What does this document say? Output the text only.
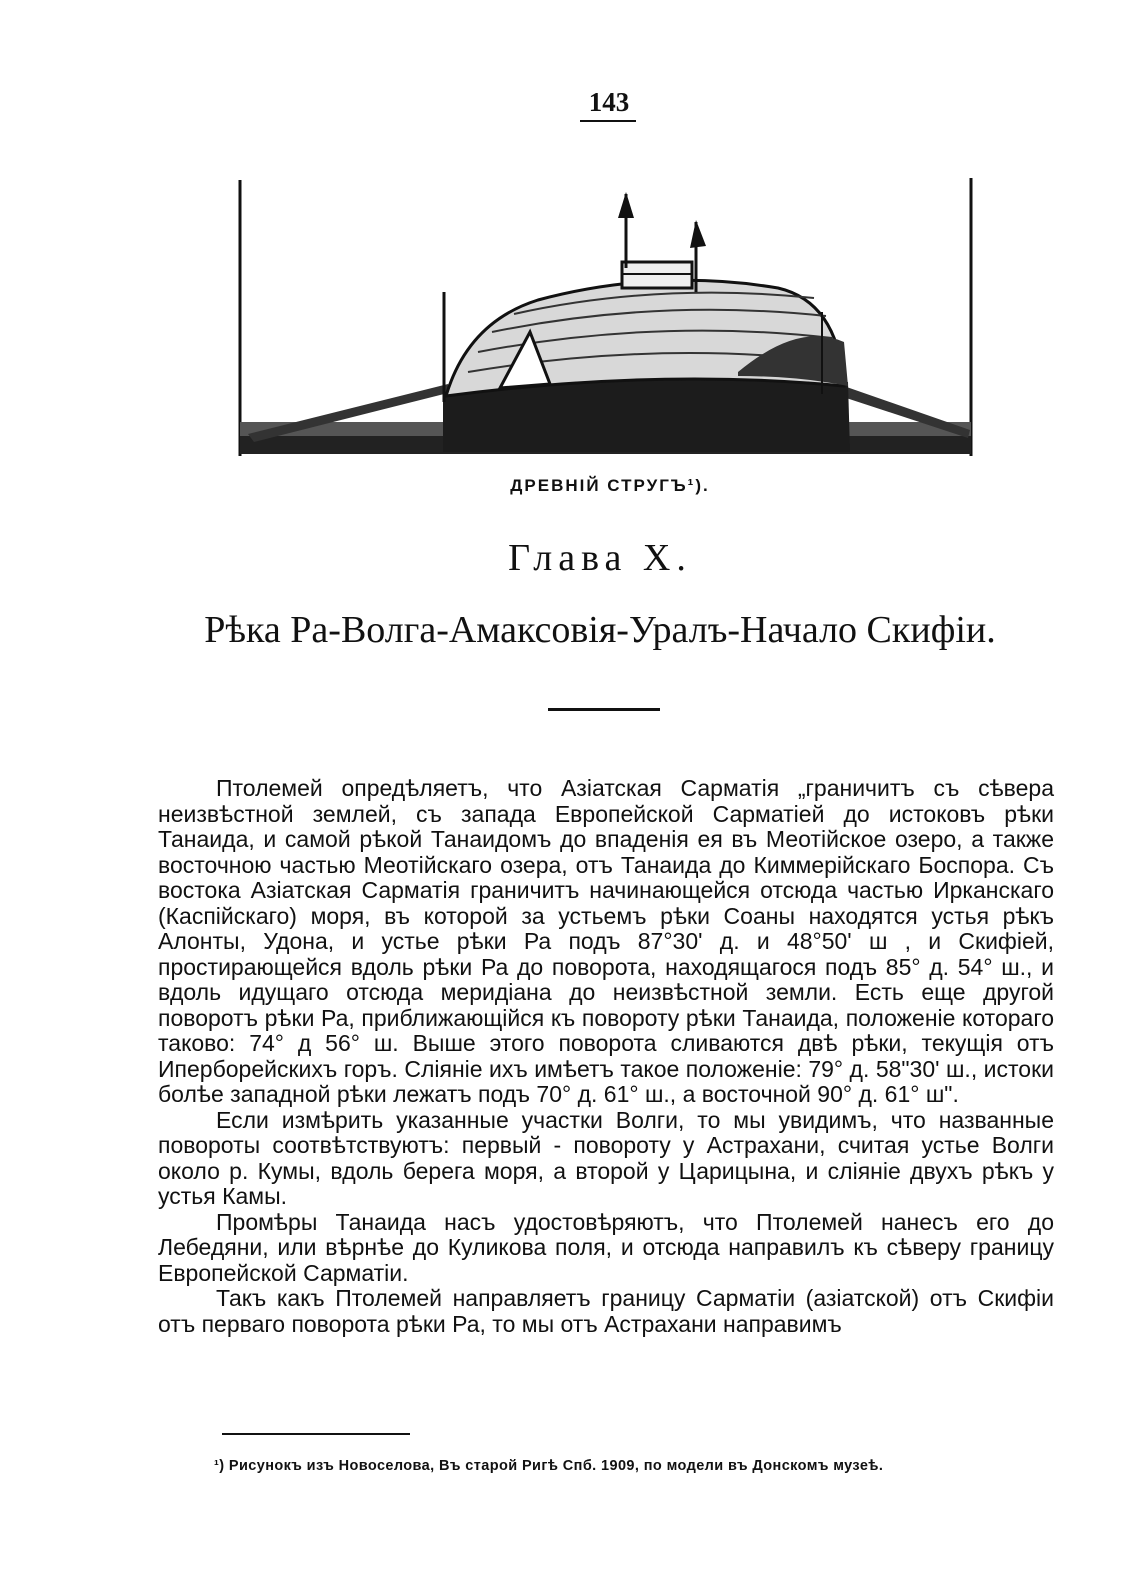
143
ДРЕВНІЙ СТРУГЪ¹).
Глава X.
Рѣка Ра-Волга-Амаксовія-Уралъ-Начало Скифіи.

Птолемей опредѣляетъ, что Азіатская Сарматія „граничитъ съ сѣвера неизвѣстной землей, съ запада Европейской Сарматіей до истоковъ рѣки Танаида, и самой рѣкой Танаидомъ до впаденія ея въ Меотійское озеро, а также восточною частью Меотійскаго озера, отъ Танаида до Киммерійскаго Боспора. Съ востока Азіатская Сарматія граничитъ начинающейся отсюда частью Ирканскаго (Каспійскаго) моря, въ которой за устьемъ рѣки Соаны находятся устья рѣкъ Алонты, Удона, и устье рѣки Ра подъ 87°30' д. и 48°50' ш , и Скифіей, простирающейся вдоль рѣки Ра до поворота, находящагося подъ 85° д. 54° ш., и вдоль идущаго отсюда меридіана до неизвѣстной земли. Есть еще другой поворотъ рѣки Ра, приближающійся къ повороту рѣки Танаида, положеніе котораго таково: 74° д 56° ш. Выше этого поворота сливаются двѣ рѣки, текущія отъ Иперборейскихъ горъ. Сліяніе ихъ имѣетъ такое положеніе: 79° д. 58"30' ш., истоки болѣе западной рѣки лежатъ подъ 70° д. 61° ш., а восточной 90° д. 61° ш".

Если измѣрить указанные участки Волги, то мы увидимъ, что названные повороты соотвѣтствуютъ: первый - повороту у Астрахани, считая устье Волги около р. Кумы, вдоль берега моря, а второй у Царицына, и сліяніе двухъ рѣкъ у устья Камы.

Промѣры Танаида насъ удостовѣряютъ, что Птолемей нанесъ его до Лебедяни, или вѣрнѣе до Куликова поля, и отсюда направилъ къ сѣверу границу Европейской Сарматіи.

Такъ какъ Птолемей направляетъ границу Сарматіи (азіатской) отъ Скифіи отъ перваго поворота рѣки Ра, то мы отъ Астрахани направимъ

¹) Рисунокъ изъ Новоселова, Въ старой Ригѣ Спб. 1909, по модели въ Донскомъ музеѣ.
